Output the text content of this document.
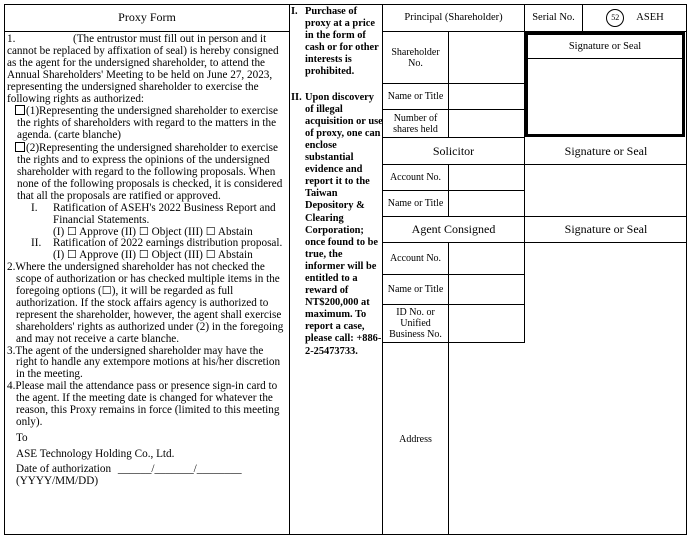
Proxy Form

1.	(The entrustor must fill out in person and it cannot be replaced by affixation of seal) is hereby consigned as the agent for the undersigned shareholder, to attend the Annual Shareholders' Meeting to be held on June 27, 2023, representing the undersigned shareholder to exercise the following rights as authorized:

(1)Representing the undersigned shareholder to exercise the rights of shareholders with regard to the matters in the agenda. (carte blanche)

(2)Representing the undersigned shareholder to exercise the rights and to express the opinions of the undersigned shareholder with regard to the following proposals. When none of the following proposals is checked, it is considered that all the proposals are ratified or approved.

I.	Ratification of ASEH's 2022 Business Report and Financial Statements.
(I) ☐ Approve (II) ☐ Object (III) ☐ Abstain
II.	Ratification of 2022 earnings distribution proposal.
(I) ☐ Approve (II) ☐ Object (III) ☐ Abstain

2.Where the undersigned shareholder has not checked the scope of authorization or has checked multiple items in the foregoing options (☐), it will be regarded as full authorization. If the stock affairs agency is authorized to represent the shareholder, however, the agent shall exercise shareholders' rights as authorized under (2) in the foregoing and may not receive a carte blanche.

3.The agent of the undersigned shareholder may have the right to handle any extempore motions at his/her discretion in the meeting.

4.Please mail the attendance pass or presence sign-in card to the agent. If the meeting date is changed for whatever the reason, this Proxy remains in force (limited to this meeting only).

To

ASE Technology Holding Co., Ltd.

Date of authorization ______/_______/________

(YYYY/MM/DD)

I. Purchase of proxy at a price in the form of cash or for other interests is prohibited.
II. Upon discovery of illegal acquisition or use of proxy, one can enclose substantial evidence and report it to the Taiwan Depository & Clearing Corporation; once found to be true, the informer will be entitled to a reward of NT$200,000 at maximum. To report a case, please call: +886-2-25473733.
Principal (Shareholder)	Serial No.	52	ASEH
Shareholder No.
Name or Title
Number of shares held
Signature or Seal
Solicitor	Signature or Seal
Account No.
Name or Title
Agent Consigned	Signature or Seal
Account No.
Name or Title
ID No. or Unified Business No.
Address
